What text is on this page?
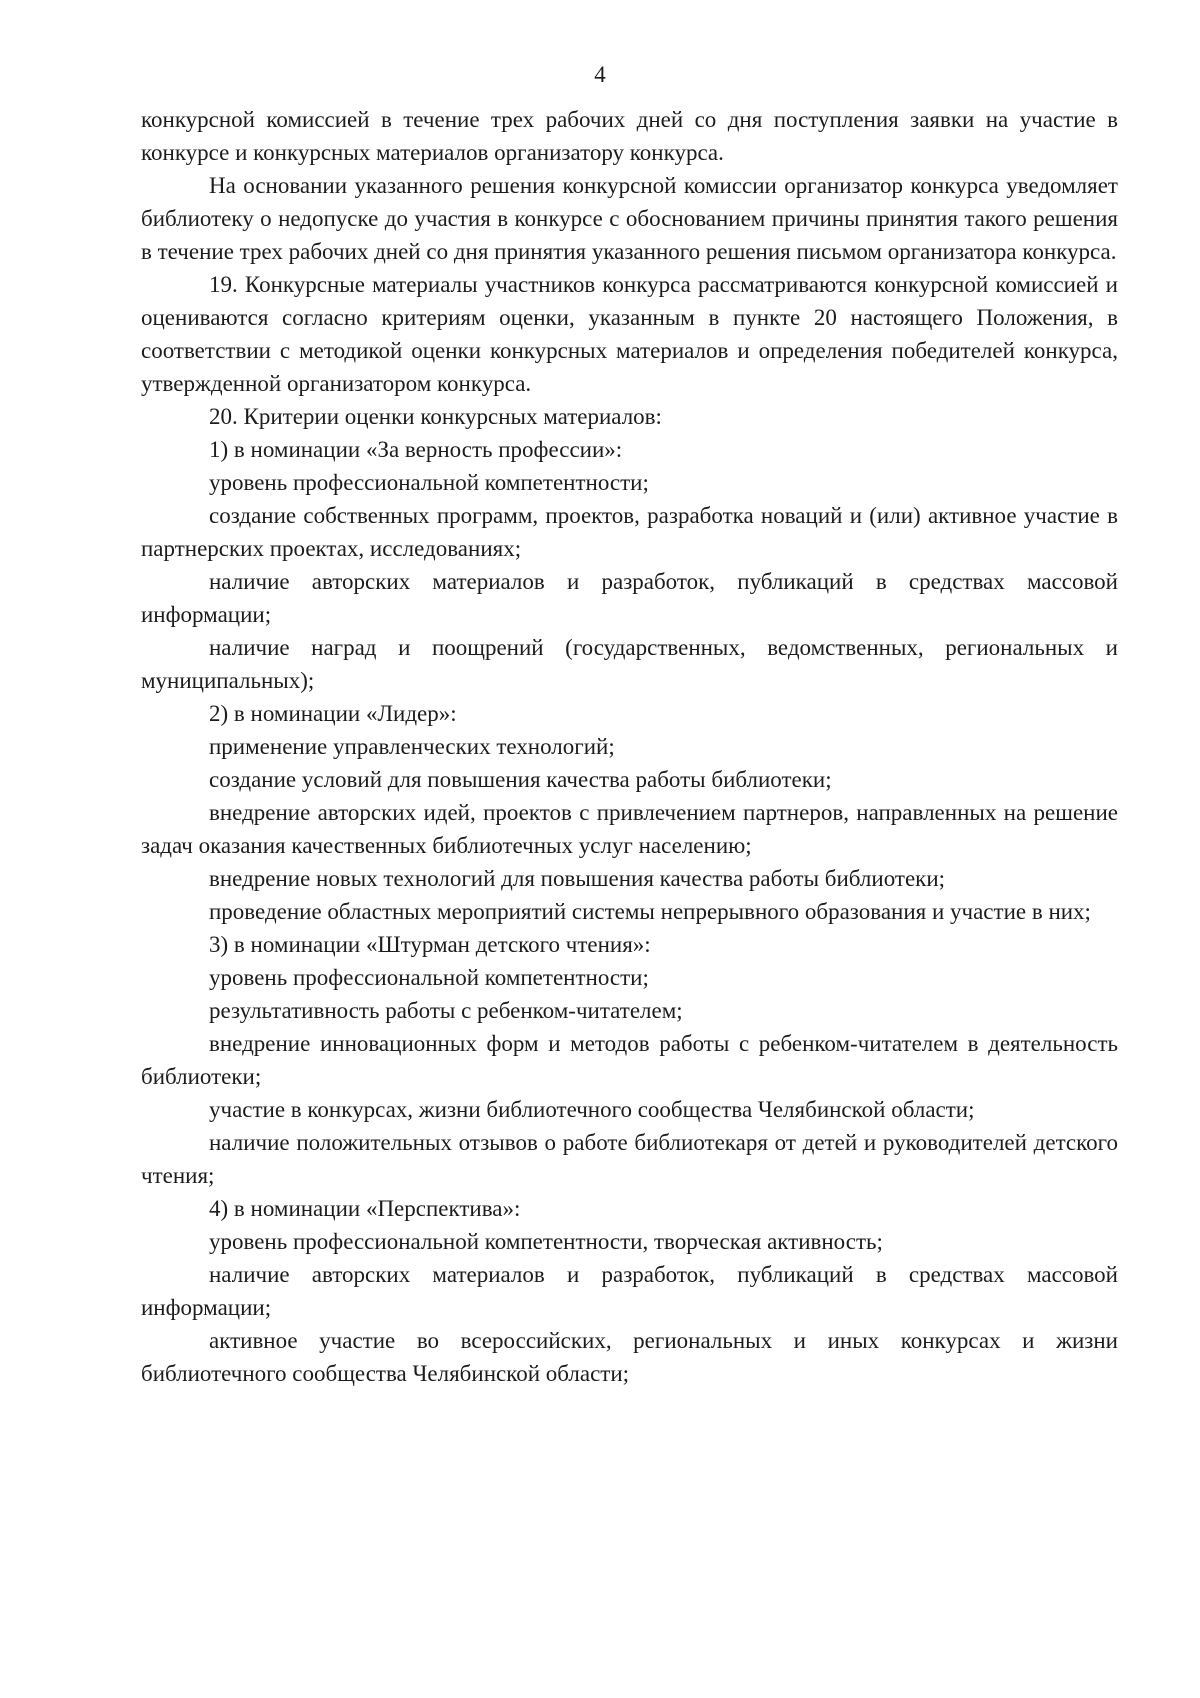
4

конкурсной комиссией в течение трех рабочих дней со дня поступления заявки на участие в конкурсе и конкурсных материалов организатору конкурса.

На основании указанного решения конкурсной комиссии организатор конкурса уведомляет библиотеку о недопуске до участия в конкурсе с обоснованием причины принятия такого решения в течение трех рабочих дней со дня принятия указанного решения письмом организатора конкурса.

19. Конкурсные материалы участников конкурса рассматриваются конкурсной комиссией и оцениваются согласно критериям оценки, указанным в пункте 20 настоящего Положения, в соответствии с методикой оценки конкурсных материалов и определения победителей конкурса, утвержденной организатором конкурса.

20. Критерии оценки конкурсных материалов:

1) в номинации «За верность профессии»:

уровень профессиональной компетентности;

создание собственных программ, проектов, разработка новаций и (или) активное участие в партнерских проектах, исследованиях;

наличие авторских материалов и разработок, публикаций в средствах массовой информации;

наличие наград и поощрений (государственных, ведомственных, региональных и муниципальных);

2) в номинации «Лидер»:

применение управленческих технологий;

создание условий для повышения качества работы библиотеки;

внедрение авторских идей, проектов с привлечением партнеров, направленных на решение задач оказания качественных библиотечных услуг населению;

внедрение новых технологий для повышения качества работы библиотеки;

проведение областных мероприятий системы непрерывного образования и участие в них;

3) в номинации «Штурман детского чтения»:

уровень профессиональной компетентности;

результативность работы с ребенком-читателем;

внедрение инновационных форм и методов работы с ребенком-читателем в деятельность библиотеки;

участие в конкурсах, жизни библиотечного сообщества Челябинской области;

наличие положительных отзывов о работе библиотекаря от детей и руководителей детского чтения;

4) в номинации «Перспектива»:

уровень профессиональной компетентности, творческая активность;

наличие авторских материалов и разработок, публикаций в средствах массовой информации;

активное участие во всероссийских, региональных и иных конкурсах и жизни библиотечного сообщества Челябинской области;
